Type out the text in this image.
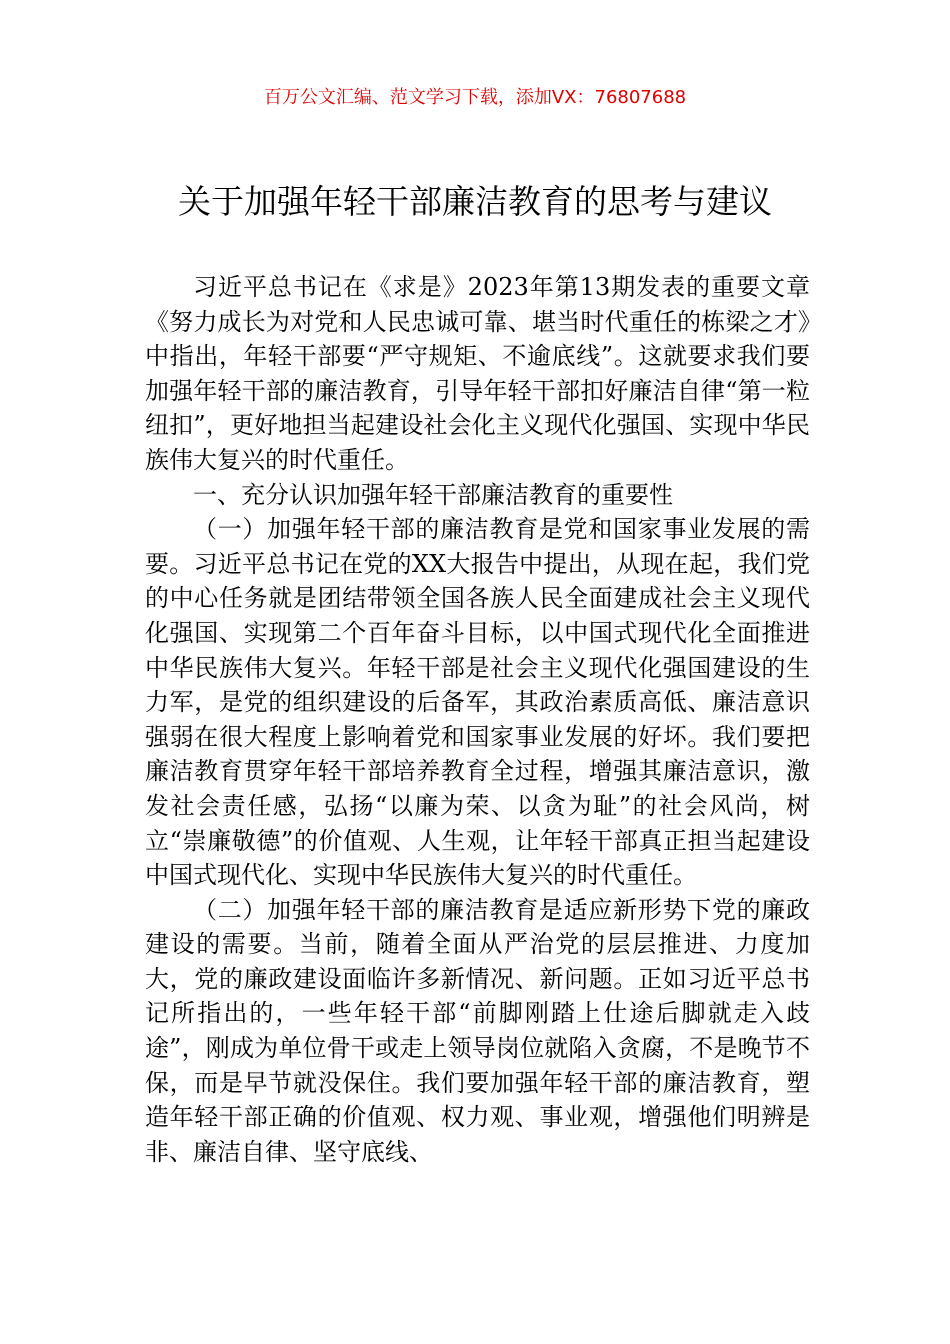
百万公文汇编、范文学习下载，添加VX：76807688
关于加强年轻干部廉洁教育的思考与建议

习近平总书记在《求是》2023年第13期发表的重要文章《努力成长为对党和人民忠诚可靠、堪当时代重任的栋梁之才》中指出，年轻干部要“严守规矩、不逾底线”。这就要求我们要加强年轻干部的廉洁教育，引导年轻干部扣好廉洁自律“第一粒纽扣”，更好地担当起建设社会化主义现代化强国、实现中华民族伟大复兴的时代重任。

一、充分认识加强年轻干部廉洁教育的重要性

（一）加强年轻干部的廉洁教育是党和国家事业发展的需要。习近平总书记在党的XX大报告中提出，从现在起，我们党的中心任务就是团结带领全国各族人民全面建成社会主义现代化强国、实现第二个百年奋斗目标，以中国式现代化全面推进中华民族伟大复兴。年轻干部是社会主义现代化强国建设的生力军，是党的组织建设的后备军，其政治素质高低、廉洁意识强弱在很大程度上影响着党和国家事业发展的好坏。我们要把廉洁教育贯穿年轻干部培养教育全过程，增强其廉洁意识，激发社会责任感，弘扬“以廉为荣、以贪为耻”的社会风尚，树立“崇廉敬德”的价值观、人生观，让年轻干部真正担当起建设中国式现代化、实现中华民族伟大复兴的时代重任。

（二）加强年轻干部的廉洁教育是适应新形势下党的廉政建设的需要。当前，随着全面从严治党的层层推进、力度加大，党的廉政建设面临许多新情况、新问题。正如习近平总书记所指出的，一些年轻干部“前脚刚踏上仕途后脚就走入歧途”，刚成为单位骨干或走上领导岗位就陷入贪腐，不是晚节不保，而是早节就没保住。我们要加强年轻干部的廉洁教育，塑造年轻干部正确的价值观、权力观、事业观，增强他们明辨是非、廉洁自律、坚守底线、
